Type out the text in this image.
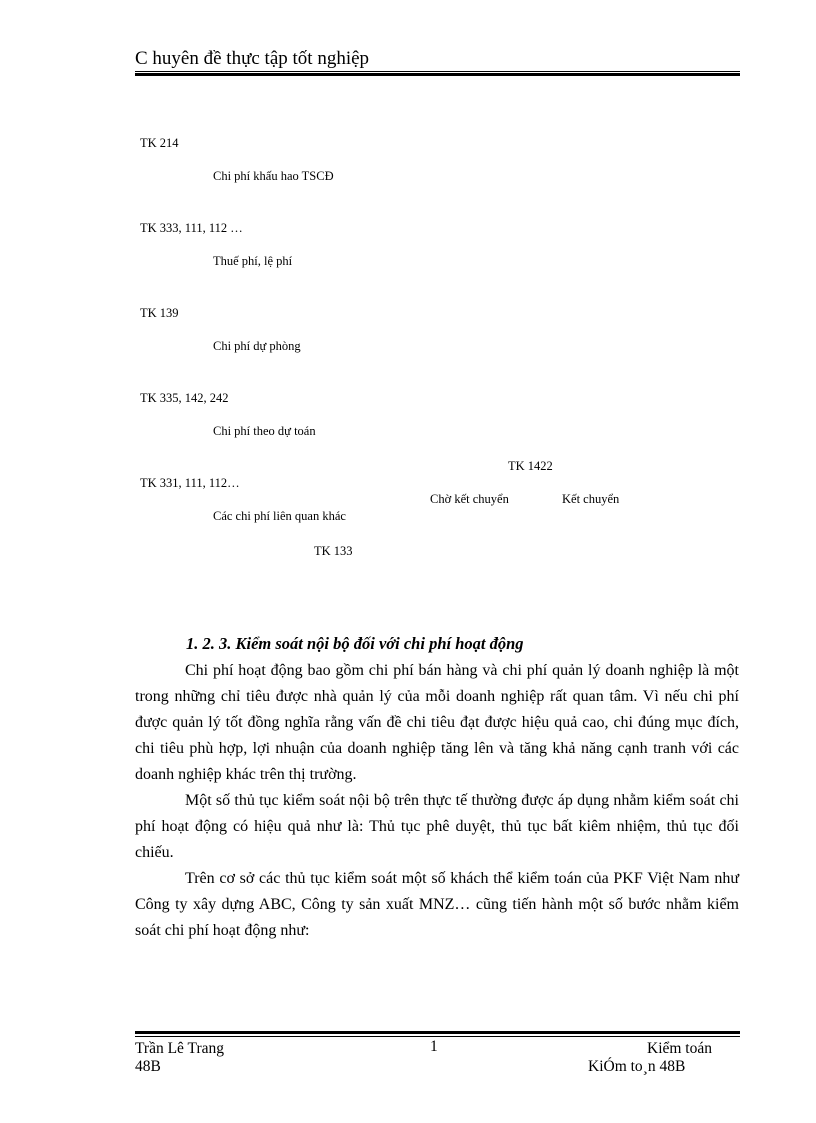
C huyên đề thực tập tốt nghiệp
TK 214
Chi phí khấu hao TSCĐ
TK 333, 111, 112 …
Thuế phí, lệ phí
TK 139
Chi phí dự phòng
TK 335, 142, 242
Chi phí theo dự toán
TK 1422
TK 331, 111, 112…
Chờ kết chuyển	Kết chuyển
Các chi phí liên quan khác
TK 133
1. 2. 3. Kiểm soát nội bộ đối với chi phí hoạt động

Chi phí hoạt động bao gồm chi phí bán hàng và chi phí quản lý doanh nghiệp là một trong những chỉ tiêu được nhà quản lý của mỗi doanh nghiệp rất quan tâm. Vì nếu chi phí được quản lý tốt đồng nghĩa rằng vấn đề chi tiêu đạt được hiệu quả cao, chi đúng mục đích, chi tiêu phù hợp, lợi nhuận của doanh nghiệp tăng lên và tăng khả năng cạnh tranh với các doanh nghiệp khác trên thị trường.

Một số thủ tục kiểm soát nội bộ trên thực tế thường được áp dụng nhằm kiểm soát chi phí hoạt động có hiệu quả như là: Thủ tục phê duyệt, thủ tục bất kiêm nhiệm, thủ tục đối chiếu.

Trên cơ sở các thủ tục kiểm soát một số khách thể kiểm toán của PKF Việt Nam như Công ty xây dựng ABC, Công ty sản xuất MNZ… cũng tiến hành một số bước nhằm kiểm soát chi phí hoạt động như:

Trần Lê Trang
48B
1	Kiểm toán
KiÓm to¸n 48B
